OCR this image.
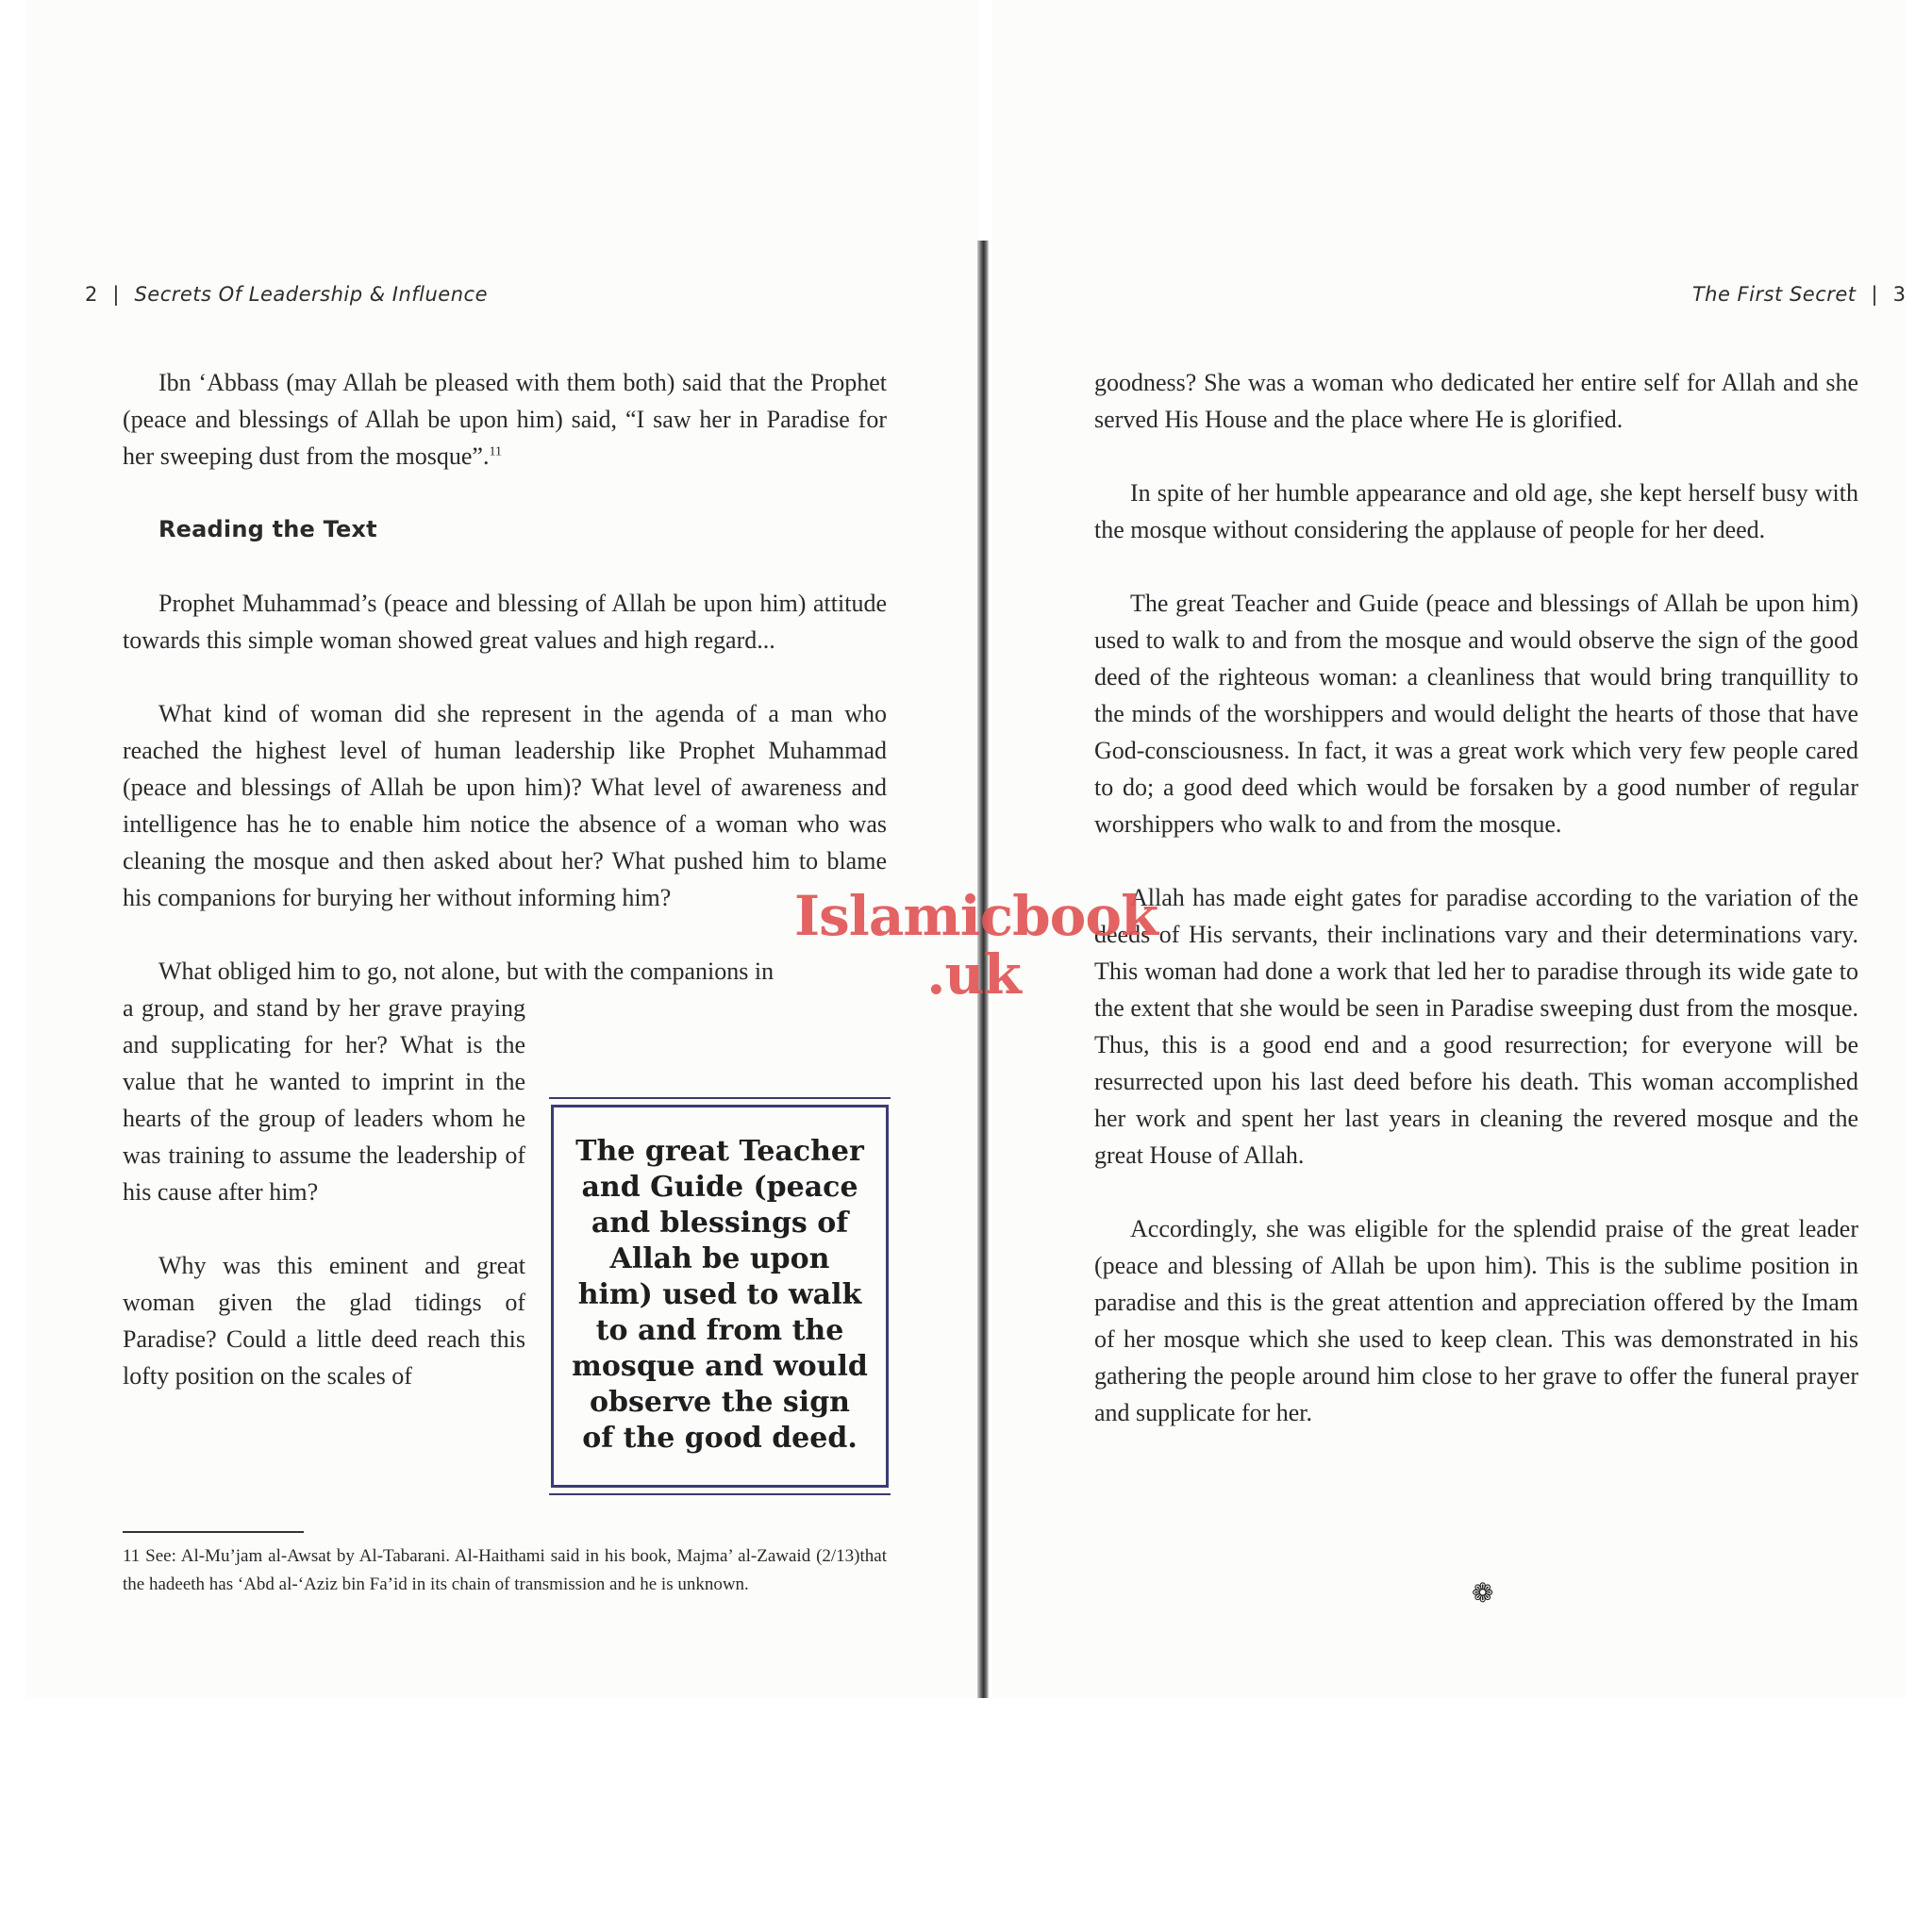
2 | Secrets Of Leadership & Influence	The First Secret | 3

Ibn ‘Abbass (may Allah be pleased with them both) said that the Prophet (peace and blessings of Allah be upon him) said, “I saw her in Paradise for her sweeping dust from the mosque”.$^{11}$

Reading the Text

Prophet Muhammad’s (peace and blessing of Allah be upon him) attitude towards this simple woman showed great values and high regard...

What kind of woman did she represent in the agenda of a man who reached the highest level of human leadership like Prophet Muhammad (peace and blessings of Allah be upon him)? What level of awareness and intelligence has he to enable him notice the absence of a woman who was cleaning the mosque and then asked about her? What pushed him to blame his companions for burying her without informing him?

What obliged him to go, not alone, but with the companions in

a group, and stand by her grave praying and supplicating for her? What is the value that he wanted to imprint in the hearts of the group of leaders whom he was training to assume the leadership of his cause after him?

Why was this eminent and great woman given the glad tidings of Paradise? Could a little deed reach this lofty position on the scales of

The great Teacher and Guide (peace and blessings of Allah be upon him) used to walk to and from the mosque and would observe the sign of the good deed.
11 See: Al-Mu’jam al-Awsat by Al-Tabarani. Al-Haithami said in his book, Majma’ al-Zawaid (2/13)that the hadeeth has ‘Abd al-‘Aziz bin Fa’id in its chain of transmission and he is unknown.

goodness? She was a woman who dedicated her entire self for Allah and she served His House and the place where He is glorified.

In spite of her humble appearance and old age, she kept herself busy with the mosque without considering the applause of people for her deed.

The great Teacher and Guide (peace and blessings of Allah be upon him) used to walk to and from the mosque and would observe the sign of the good deed of the righteous woman: a cleanliness that would bring tranquillity to the minds of the worshippers and would delight the hearts of those that have God-consciousness. In fact, it was a great work which very few people cared to do; a good deed which would be forsaken by a good number of regular worshippers who walk to and from the mosque.

Allah has made eight gates for paradise according to the variation of the deeds of His servants, their inclinations vary and their determinations vary. This woman had done a work that led her to paradise through its wide gate to the extent that she would be seen in Paradise sweeping dust from the mosque. Thus, this is a good end and a good resurrection; for everyone will be resurrected upon his last deed before his death. This woman accomplished her work and spent her last years in cleaning the revered mosque and the great House of Allah.

Accordingly, she was eligible for the splendid praise of the great leader (peace and blessing of Allah be upon him). This is the sublime position in paradise and this is the great attention and appreciation offered by the Imam of her mosque which she used to keep clean. This was demonstrated in his gathering the people around him close to her grave to offer the funeral prayer and supplicate for her.

❁
Islamicbook
.uk
